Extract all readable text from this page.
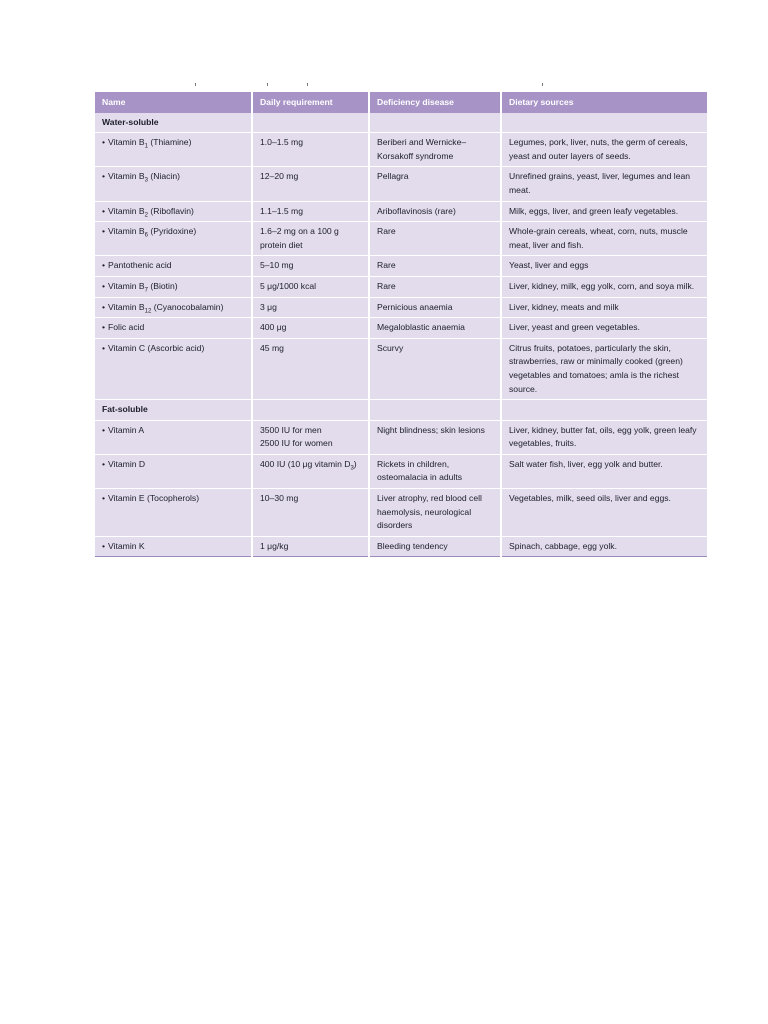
Name	Daily requirement	Deficiency disease	Dietary sources
Water-soluble			
• Vitamin $B_1$ (Thiamine)	1.0–1.5 mg	Beriberi and Wernicke–Korsakoff syndrome	Legumes, pork, liver, nuts, the germ of cereals, yeast and outer layers of seeds.
• Vitamin $B_3$ (Niacin)	12–20 mg	Pellagra	Unrefined grains, yeast, liver, legumes and lean meat.
• Vitamin $B_2$ (Riboflavin)	1.1–1.5 mg	Ariboflavinosis (rare)	Milk, eggs, liver, and green leafy vegetables.
• Vitamin $B_6$ (Pyridoxine)	1.6–2 mg on a 100 g protein diet	Rare	Whole-grain cereals, wheat, corn, nuts, muscle meat, liver and fish.
• Pantothenic acid	5–10 mg	Rare	Yeast, liver and eggs
• Vitamin $B_7$ (Biotin)	5 μg/1000 kcal	Rare	Liver, kidney, milk, egg yolk, corn, and soya milk.
• Vitamin $B_{12}$ (Cyanocobalamin)	3 μg	Pernicious anaemia	Liver, kidney, meats and milk
• Folic acid	400 μg	Megaloblastic anaemia	Liver, yeast and green vegetables.
• Vitamin C (Ascorbic acid)	45 mg	Scurvy	Citrus fruits, potatoes, particularly the skin, strawberries, raw or minimally cooked (green) vegetables and tomatoes; amla is the richest source.
Fat-soluble			
• Vitamin A	3500 IU for men
2500 IU for women	Night blindness; skin lesions	Liver, kidney, butter fat, oils, egg yolk, green leafy vegetables, fruits.
• Vitamin D	400 IU (10 μg vitamin $D_3$)	Rickets in children, osteomalacia in adults	Salt water fish, liver, egg yolk and butter.
• Vitamin E (Tocopherols)	10–30 mg	Liver atrophy, red blood cell haemolysis, neurological disorders	Vegetables, milk, seed oils, liver and eggs.
• Vitamin K	1 μg/kg	Bleeding tendency	Spinach, cabbage, egg yolk.
